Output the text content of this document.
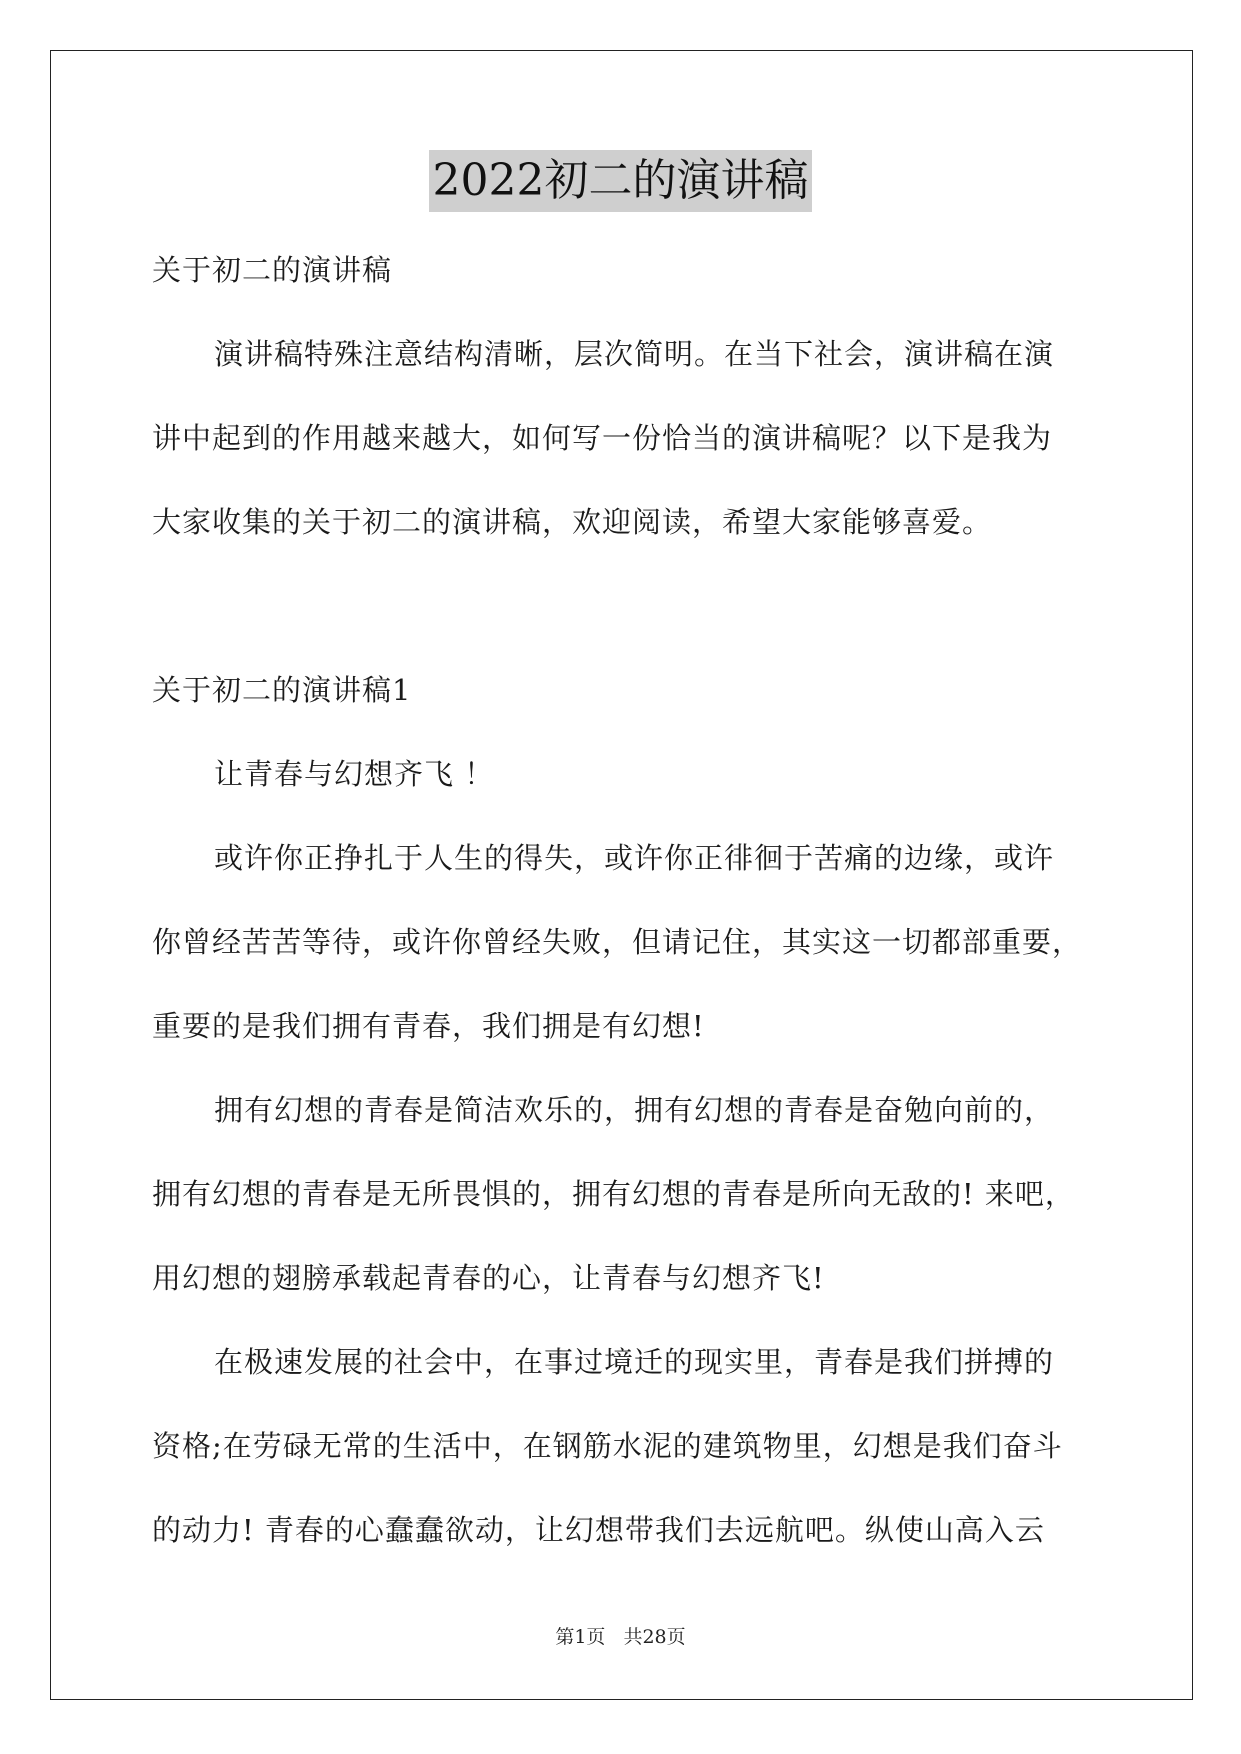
2022初二的演讲稿
关于初二的演讲稿
演讲稿特殊注意结构清晰，层次简明。在当下社会，演讲稿在演
讲中起到的作用越来越大，如何写一份恰当的演讲稿呢？以下是我为
大家收集的关于初二的演讲稿，欢迎阅读，希望大家能够喜爱。
关于初二的演讲稿1
让青春与幻想齐飞 ！
或许你正挣扎于人生的得失，或许你正徘徊于苦痛的边缘，或许
你曾经苦苦等待，或许你曾经失败，但请记住，其实这一切都部重要，
重要的是我们拥有青春，我们拥是有幻想!
拥有幻想的青春是简洁欢乐的，拥有幻想的青春是奋勉向前的，
拥有幻想的青春是无所畏惧的，拥有幻想的青春是所向无敌的! 来吧，
用幻想的翅膀承载起青春的心，让青春与幻想齐飞!
在极速发展的社会中，在事过境迁的现实里，青春是我们拼搏的
资格;在劳碌无常的生活中，在钢筋水泥的建筑物里，幻想是我们奋斗
的动力! 青春的心蠢蠢欲动，让幻想带我们去远航吧。纵使山高入云
第1页 共28页
